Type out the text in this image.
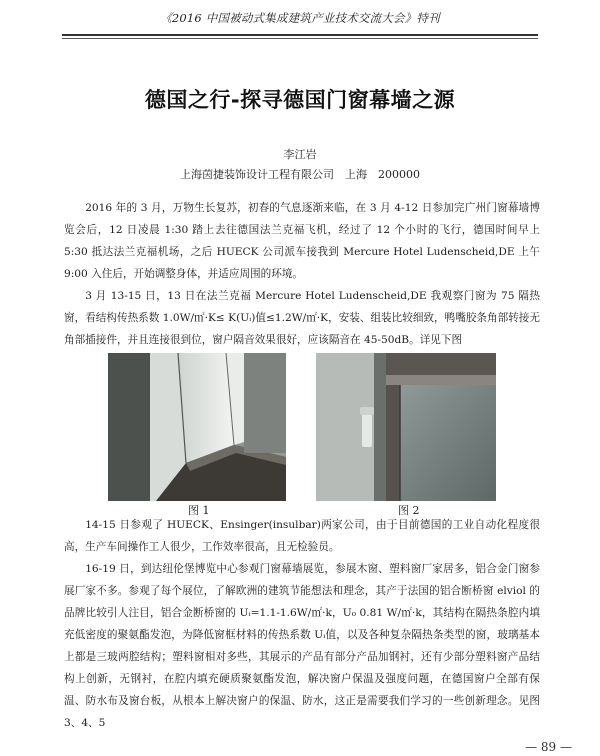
《2016 中国被动式集成建筑产业技术交流大会》特刊
德国之行-探寻德国门窗幕墙之源
李江岩
上海茵捷装饰设计工程有限公司　上海　200000

2016 年的 3 月，万物生长复苏，初春的气息逐渐来临，在 3 月 4-12 日参加完广州门窗幕墙博览会后，12 日凌晨 1:30 踏上去往德国法兰克福飞机，经过了 12 个小时的飞行，德国时间早上 5:30 抵达法兰克福机场，之后 HUECK 公司派车接我到 Mercure Hotel Ludenscheid,DE 上午 9:00 入住后，开始调整身体，并适应周围的环境。

3 月 13-15 日，13 日在法兰克福 Mercure Hotel Ludenscheid,DE 我观察门窗为 75 隔热窗，看结构传热系数 1.0W/㎡·K≤ K(Uᵢ)值≤1.2W/㎡·K，安装、组装比较细致，鸭嘴胶条角部转接无角部插接件，并且连接很到位，窗户隔音效果很好，应该隔音在 45-50dB。详见下图

图 1	图 2

14-15 日参观了 HUECK、Ensinger(insulbar)两家公司，由于目前德国的工业自动化程度很高，生产车间操作工人很少，工作效率很高，且无检验员。

16-19 日，到达纽伦堡博览中心参观门窗幕墙展览，参展木窗、塑料窗厂家居多，铝合金门窗参展厂家不多。参观了每个展位，了解欧洲的建筑节能想法和理念，其产于法国的铝合断桥窗 elviol 的品牌比较引人注目，铝合金断桥窗的 Uᵢ=1.1-1.6W/㎡·k，U₀ 0.81 W/㎡·k，其结构在隔热条腔内填充低密度的聚氨酯发泡，为降低窗框材料的传热系数 Uᵢ值，以及各种复杂隔热条类型的窗，玻璃基本上都是三玻两腔结构；塑料窗相对多些，其展示的产品有部分产品加钢衬，还有少部分塑料窗产品结构上创新，无钢衬，在腔内填充硬质聚氨酯发泡，解决窗户保温及强度问题，在德国窗户全部有保温、防水布及窗台板，从根本上解决窗户的保温、防水，这正是需要我们学习的一些创新理念。见图 3、4、5

— 89 —
